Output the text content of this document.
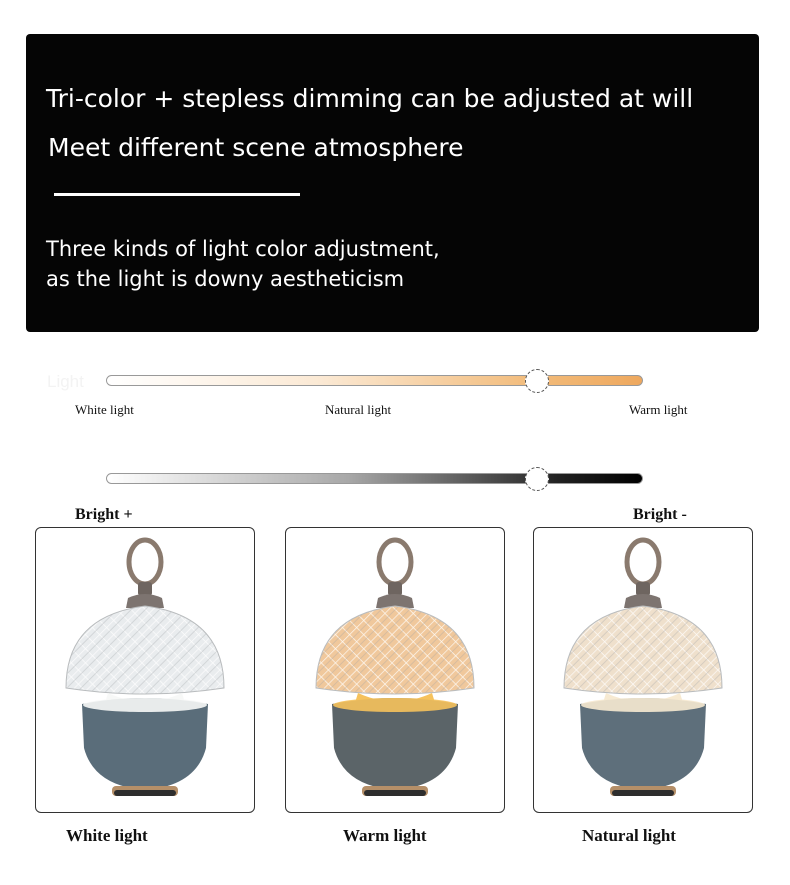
Tri-color + stepless dimming can be adjusted at will
Meet different scene atmosphere
Three kinds of light color adjustment,
as the light is downy aestheticism
Light
White light	Natural light	Warm light
Bright +	Bright -
White light	Warm light	Natural light
